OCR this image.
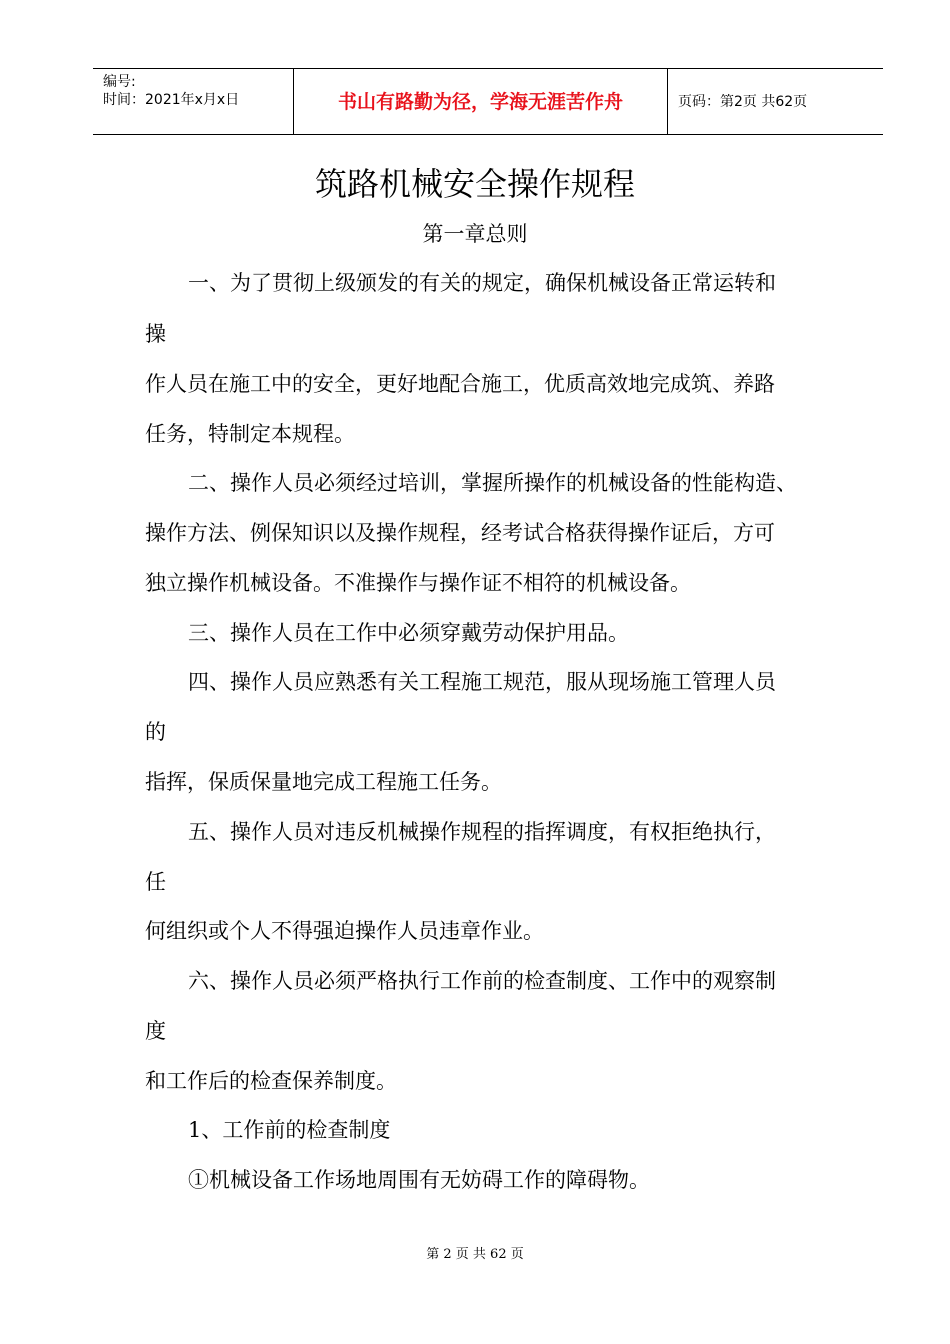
编号:
时间：2021年x月x日	书山有路勤为径，学海无涯苦作舟	页码：第2页 共62页
筑路机械安全操作规程
第一章总则
一、为了贯彻上级颁发的有关的规定，确保机械设备正常运转和
操
作人员在施工中的安全，更好地配合施工，优质高效地完成筑、养路
任务，特制定本规程。
二、操作人员必须经过培训，掌握所操作的机械设备的性能构造、
操作方法、例保知识以及操作规程，经考试合格获得操作证后，方可
独立操作机械设备。不准操作与操作证不相符的机械设备。
三、操作人员在工作中必须穿戴劳动保护用品。
四、操作人员应熟悉有关工程施工规范，服从现场施工管理人员
的
指挥，保质保量地完成工程施工任务。
五、操作人员对违反机械操作规程的指挥调度，有权拒绝执行，
任
何组织或个人不得强迫操作人员违章作业。
六、操作人员必须严格执行工作前的检查制度、工作中的观察制
度
和工作后的检查保养制度。
1、工作前的检查制度
①机械设备工作场地周围有无妨碍工作的障碍物。
第 2 页 共 62 页
